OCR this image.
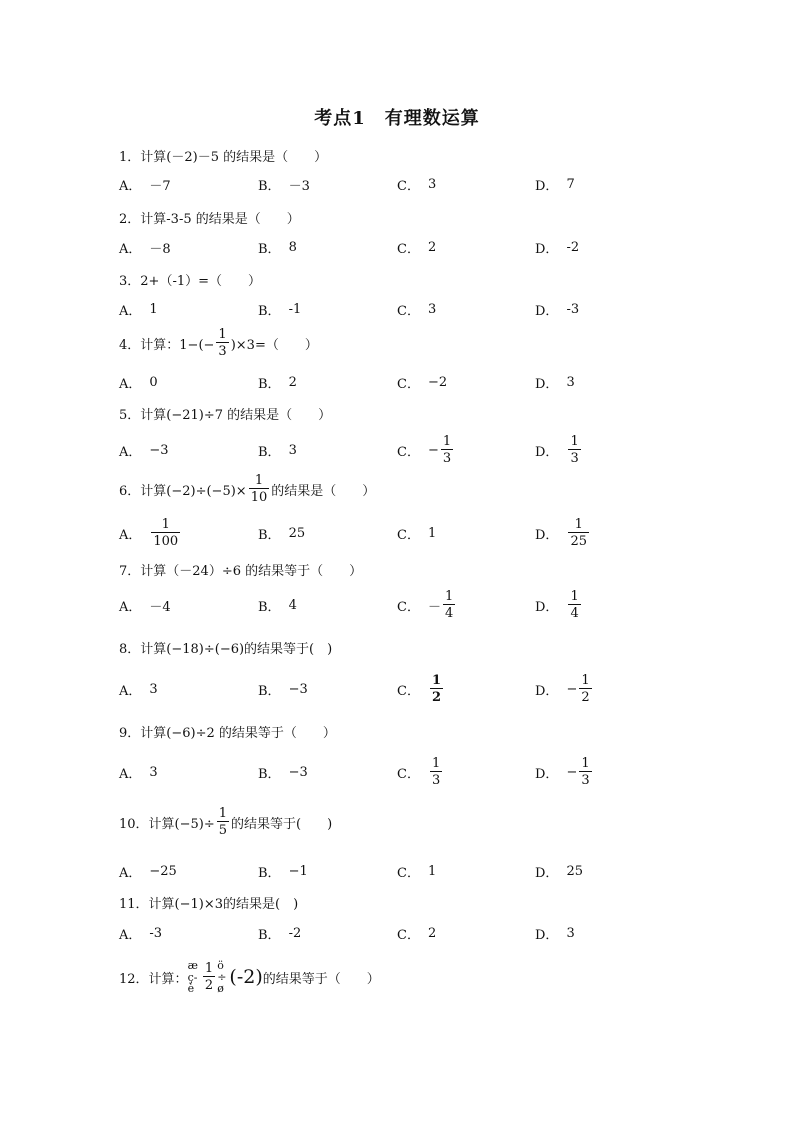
考点1　有理数运算
1． 计算(－2)－5 的结果是（　　）
A． －7	B． －3	C． 3	D． 7
2． 计算-3-5 的结果是（　　）
A． －8	B． 8	C． 2	D． -2
3． 2+（-1）=（　　）
A． 1	B． -1	C． 3	D． -3
4． 计算：$1-(- \frac{1}{3} )\times 3=$（　　）
A． 0	B． 2	C． −2	D． 3
5． 计算(−21)÷7 的结果是（　　）
A． −3	B． 3	C． − $\frac{1}{3}$	D． $\frac{1}{3}$
6． 计算$(-2)\div(-5)\times \frac{1}{10}$ 的结果是（　　）
A． $\frac{1}{100}$	B． 25	C． 1	D． $\frac{1}{25}$
7． 计算（－24）÷6 的结果等于（　　）
A． －4	B． 4	C． － $\frac{1}{4}$	D． $\frac{1}{4}$
8． 计算(−18)÷(−6)的结果等于(　)
A． 3	B． −3	C． $\frac{1}{2}$	D． − $\frac{1}{2}$
9． 计算(−6)÷2 的结果等于（　　）
A． 3	B． −3	C． $\frac{1}{3}$	D． − $\frac{1}{3}$
10． 计算$(-5)\div \frac{1}{5}$ 的结果等于(　　)
A． −25	B． −1	C． 1	D． 25
11． 计算(−1)×3的结果是(　)
A． -3	B． -2	C． 2	D． 3
12． 计算：
æ
ç-
è $\frac{1}{2}$ ö
÷
ø
(-2) 的结果等于（　　）
